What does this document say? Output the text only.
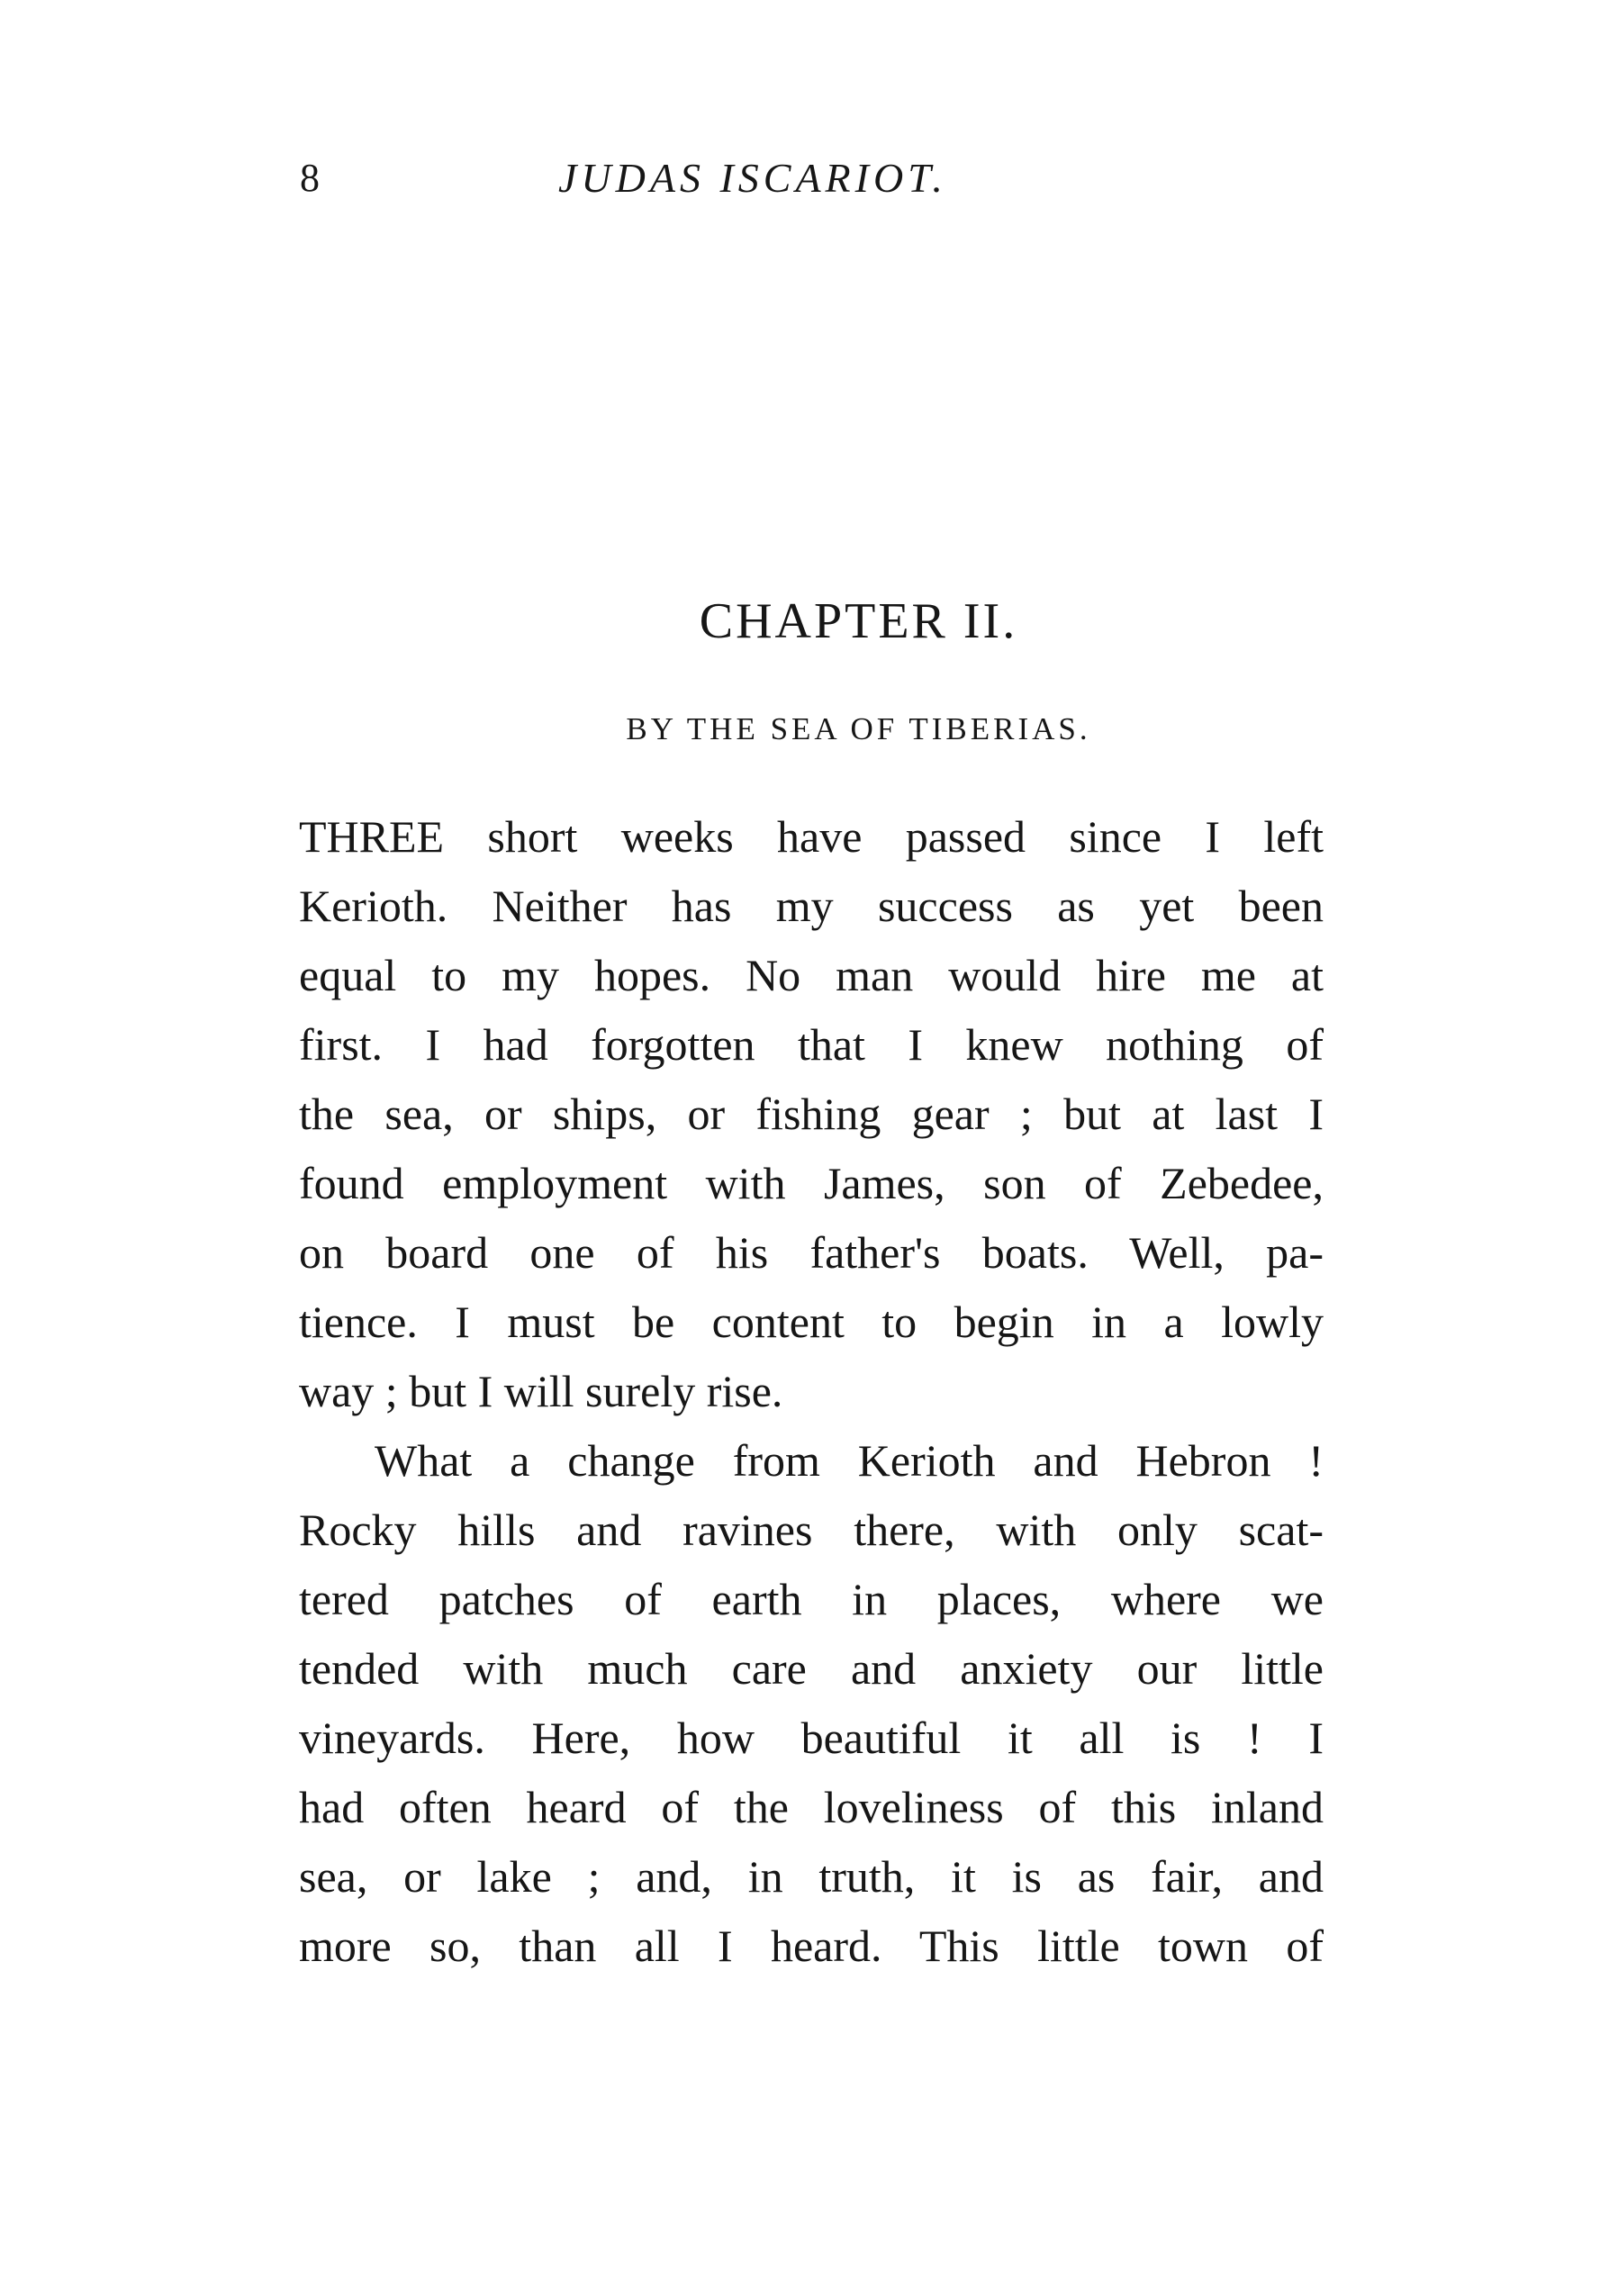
8	JUDAS ISCARIOT.
CHAPTER II.
BY THE SEA OF TIBERIAS.
THREE short weeks have passed since I left
Kerioth. Neither has my success as yet been
equal to my hopes. No man would hire me at
first. I had forgotten that I knew nothing of
the sea, or ships, or fishing gear ; but at last I
found employment with James, son of Zebedee,
on board one of his father's boats. Well, pa-
tience. I must be content to begin in a lowly
way ; but I will surely rise.
What a change from Kerioth and Hebron !
Rocky hills and ravines there, with only scat-
tered patches of earth in places, where we
tended with much care and anxiety our little
vineyards. Here, how beautiful it all is ! I
had often heard of the loveliness of this inland
sea, or lake ; and, in truth, it is as fair, and
more so, than all I heard. This little town of
